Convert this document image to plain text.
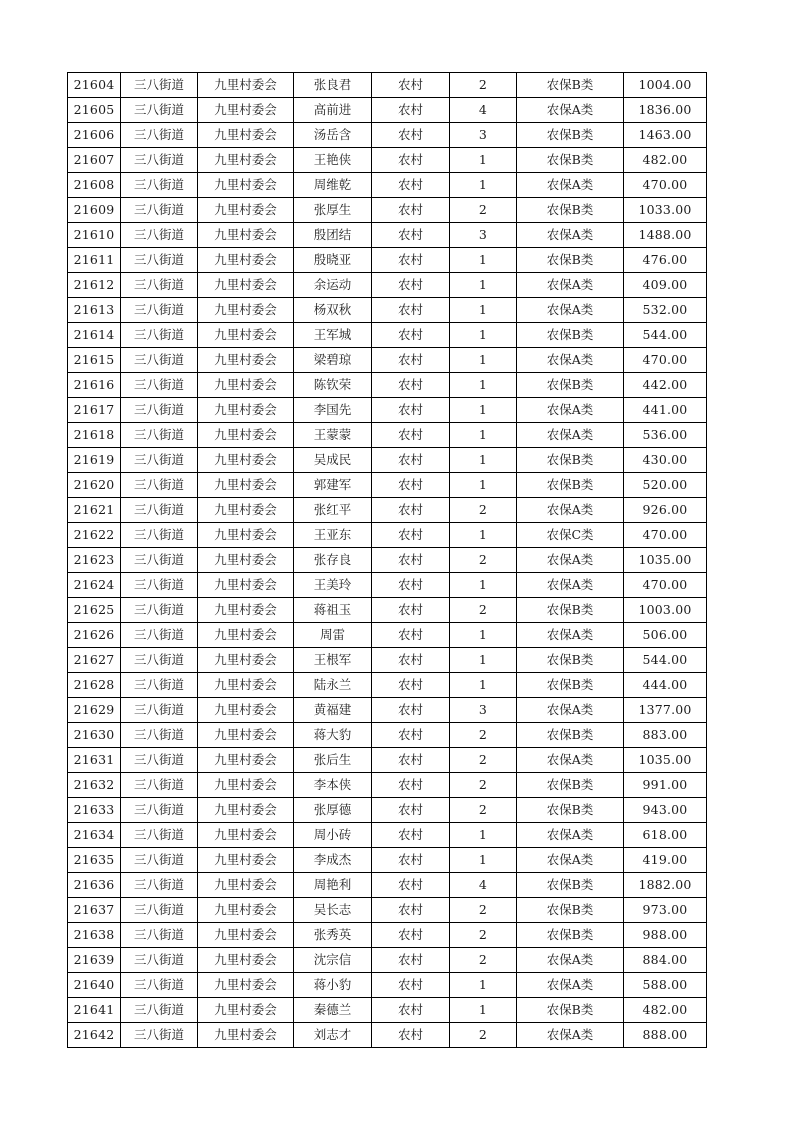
21604	三八街道	九里村委会	张良君	农村	2	农保B类	1004.00
21605	三八街道	九里村委会	高前进	农村	4	农保A类	1836.00
21606	三八街道	九里村委会	汤岳含	农村	3	农保B类	1463.00
21607	三八街道	九里村委会	王艳侠	农村	1	农保B类	482.00
21608	三八街道	九里村委会	周维乾	农村	1	农保A类	470.00
21609	三八街道	九里村委会	张厚生	农村	2	农保B类	1033.00
21610	三八街道	九里村委会	殷团结	农村	3	农保A类	1488.00
21611	三八街道	九里村委会	殷晓亚	农村	1	农保B类	476.00
21612	三八街道	九里村委会	余运动	农村	1	农保A类	409.00
21613	三八街道	九里村委会	杨双秋	农村	1	农保A类	532.00
21614	三八街道	九里村委会	王军城	农村	1	农保B类	544.00
21615	三八街道	九里村委会	梁碧琼	农村	1	农保A类	470.00
21616	三八街道	九里村委会	陈钦荣	农村	1	农保B类	442.00
21617	三八街道	九里村委会	李国先	农村	1	农保A类	441.00
21618	三八街道	九里村委会	王蒙蒙	农村	1	农保A类	536.00
21619	三八街道	九里村委会	吴成民	农村	1	农保B类	430.00
21620	三八街道	九里村委会	郭建军	农村	1	农保B类	520.00
21621	三八街道	九里村委会	张红平	农村	2	农保A类	926.00
21622	三八街道	九里村委会	王亚东	农村	1	农保C类	470.00
21623	三八街道	九里村委会	张存良	农村	2	农保A类	1035.00
21624	三八街道	九里村委会	王美玲	农村	1	农保A类	470.00
21625	三八街道	九里村委会	蒋祖玉	农村	2	农保B类	1003.00
21626	三八街道	九里村委会	周雷	农村	1	农保A类	506.00
21627	三八街道	九里村委会	王根军	农村	1	农保B类	544.00
21628	三八街道	九里村委会	陆永兰	农村	1	农保B类	444.00
21629	三八街道	九里村委会	黄福建	农村	3	农保A类	1377.00
21630	三八街道	九里村委会	蒋大豹	农村	2	农保B类	883.00
21631	三八街道	九里村委会	张后生	农村	2	农保A类	1035.00
21632	三八街道	九里村委会	李本侠	农村	2	农保B类	991.00
21633	三八街道	九里村委会	张厚德	农村	2	农保B类	943.00
21634	三八街道	九里村委会	周小砖	农村	1	农保A类	618.00
21635	三八街道	九里村委会	李成杰	农村	1	农保A类	419.00
21636	三八街道	九里村委会	周艳利	农村	4	农保B类	1882.00
21637	三八街道	九里村委会	吴长志	农村	2	农保B类	973.00
21638	三八街道	九里村委会	张秀英	农村	2	农保B类	988.00
21639	三八街道	九里村委会	沈宗信	农村	2	农保A类	884.00
21640	三八街道	九里村委会	蒋小豹	农村	1	农保A类	588.00
21641	三八街道	九里村委会	秦德兰	农村	1	农保B类	482.00
21642	三八街道	九里村委会	刘志才	农村	2	农保A类	888.00
